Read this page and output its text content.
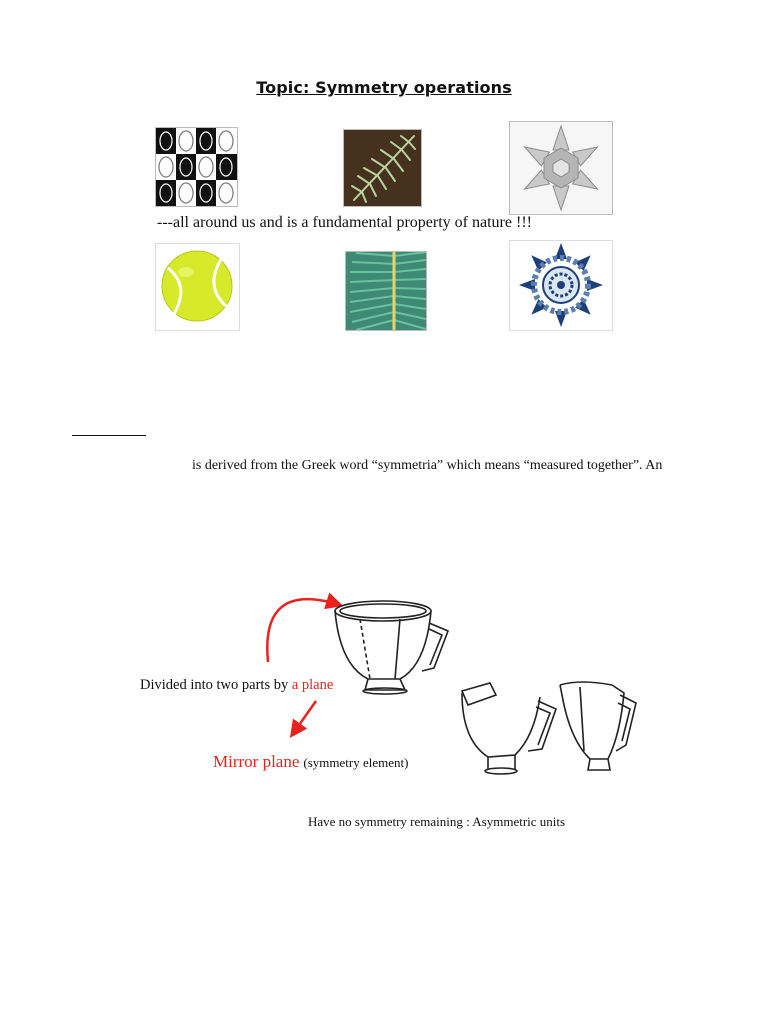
Topic: Symmetry operations
---all around us and is a fundamental property of nature !!!
is derived from the Greek word “symmetria” which means “measured together”. An
Divided into two parts by a plane
Mirror plane (symmetry element)
Have no symmetry remaining : Asymmetric units
